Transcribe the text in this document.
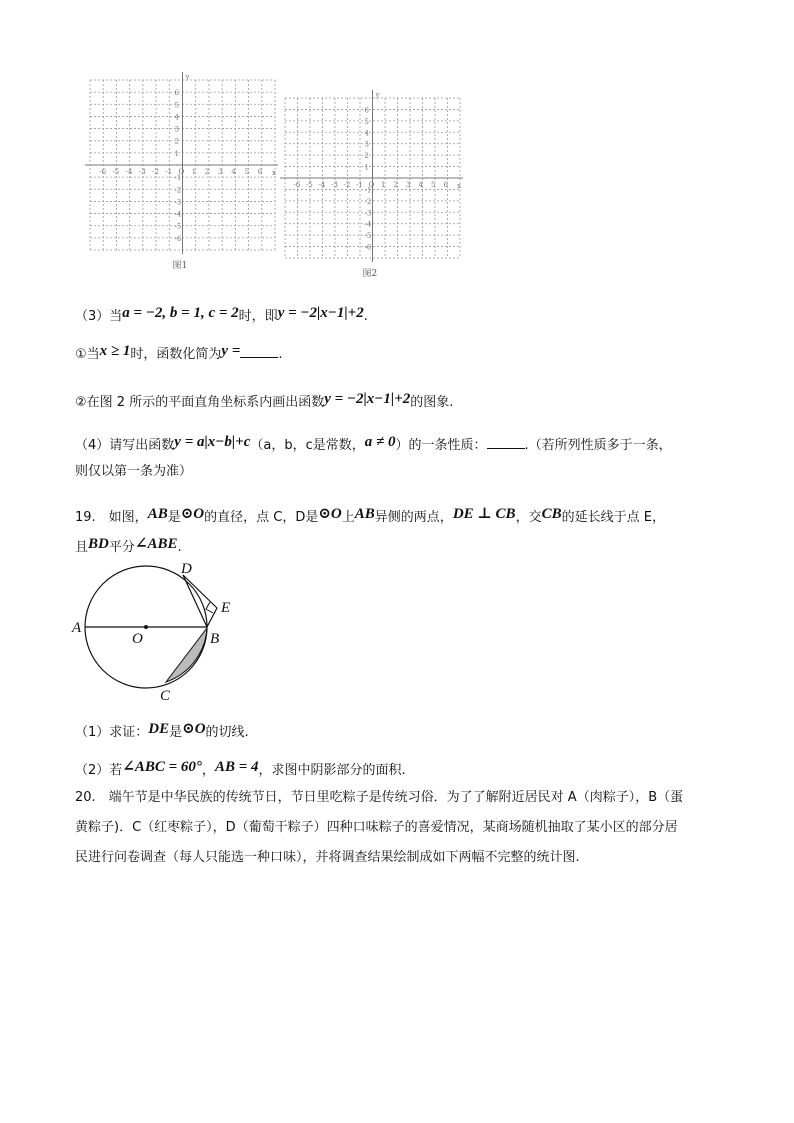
x
y
-6 -5 -4 -3 -2 -1 O 1 2 3 4 5 6
6
5
4
3
2
1
-1
-2
-3
-4
-5
-6
图1
x
y
-6 -5 -4 -3 -2 -1 O 1 2 3 4 5 6
6
5
4
3
2
1
-1
-2
-3
-4
-5
-6
图2
（3）当a = −2, b = 1, c = 2时，即y = −2|x−1|+2.
①当x ≥ 1时，函数化简为y =	.
②在图 2 所示的平面直角坐标系内画出函数y = −2|x−1|+2的图象.
（4）请写出函数y = a|x−b|+c（a，b，c是常数，a ≠ 0）的一条性质：	.（若所列性质多于一条，
则仅以第一条为准）
19.　如图，AB是⊙O的直径，点 C，D是⊙O上AB异侧的两点，DE ⊥ CB，交CB的延长线于点 E，
且BD平分∠ABE.
A
O	B
C
D
E
（1）求证：DE是⊙O的切线.
（2）若∠ABC = 60°，AB = 4，求图中阴影部分的面积.
20.　端午节是中华民族的传统节日，节日里吃粽子是传统习俗．为了了解附近居民对 A（肉粽子），B（蛋
黄粽子)．C（红枣粽子），D（葡萄干粽子）四种口味粽子的喜爱情况，某商场随机抽取了某小区的部分居
民进行问卷调查（每人只能选一种口味），并将调查结果绘制成如下两幅不完整的统计图.
